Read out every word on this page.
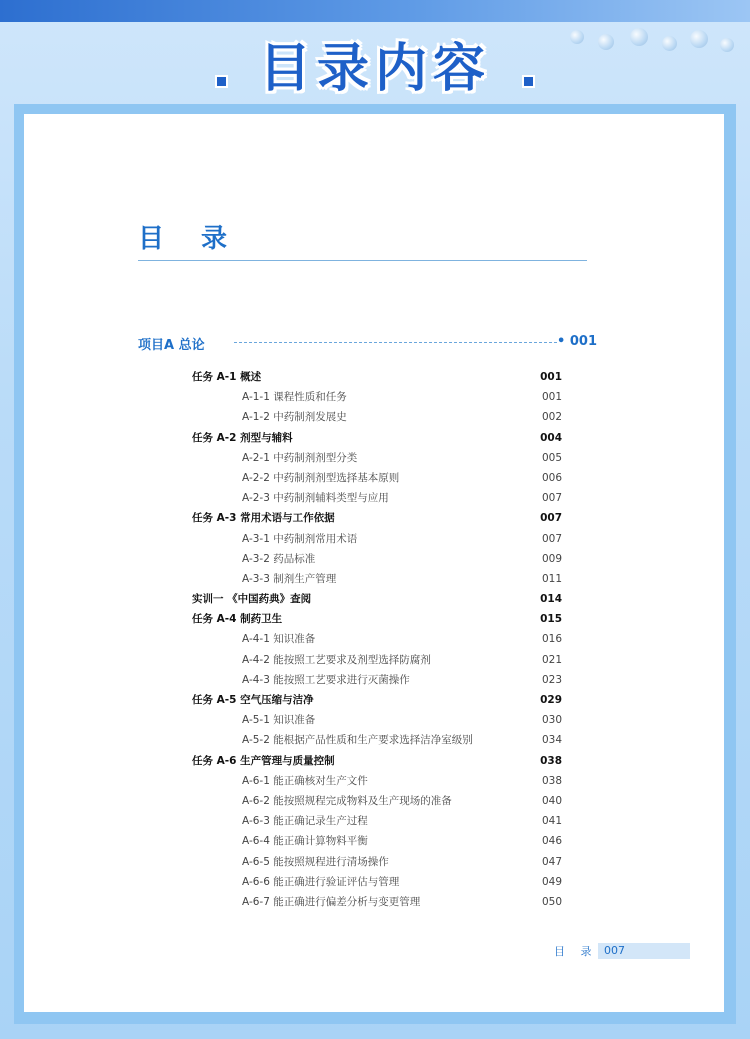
目录内容
目 录
项目A 总论	• 001
任务 A-1 概述	001
A-1-1 课程性质和任务	001
A-1-2 中药制剂发展史	002
任务 A-2 剂型与辅料	004
A-2-1 中药制剂剂型分类	005
A-2-2 中药制剂剂型选择基本原则	006
A-2-3 中药制剂辅料类型与应用	007
任务 A-3 常用术语与工作依据	007
A-3-1 中药制剂常用术语	007
A-3-2 药品标准	009
A-3-3 制剂生产管理	011
实训一 《中国药典》查阅	014
任务 A-4 制药卫生	015
A-4-1 知识准备	016
A-4-2 能按照工艺要求及剂型选择防腐剂	021
A-4-3 能按照工艺要求进行灭菌操作	023
任务 A-5 空气压缩与洁净	029
A-5-1 知识准备	030
A-5-2 能根据产品性质和生产要求选择洁净室级别	034
任务 A-6 生产管理与质量控制	038
A-6-1 能正确核对生产文件	038
A-6-2 能按照规程完成物料及生产现场的准备	040
A-6-3 能正确记录生产过程	041
A-6-4 能正确计算物料平衡	046
A-6-5 能按照规程进行清场操作	047
A-6-6 能正确进行验证评估与管理	049
A-6-7 能正确进行偏差分析与变更管理	050
目 录 007
